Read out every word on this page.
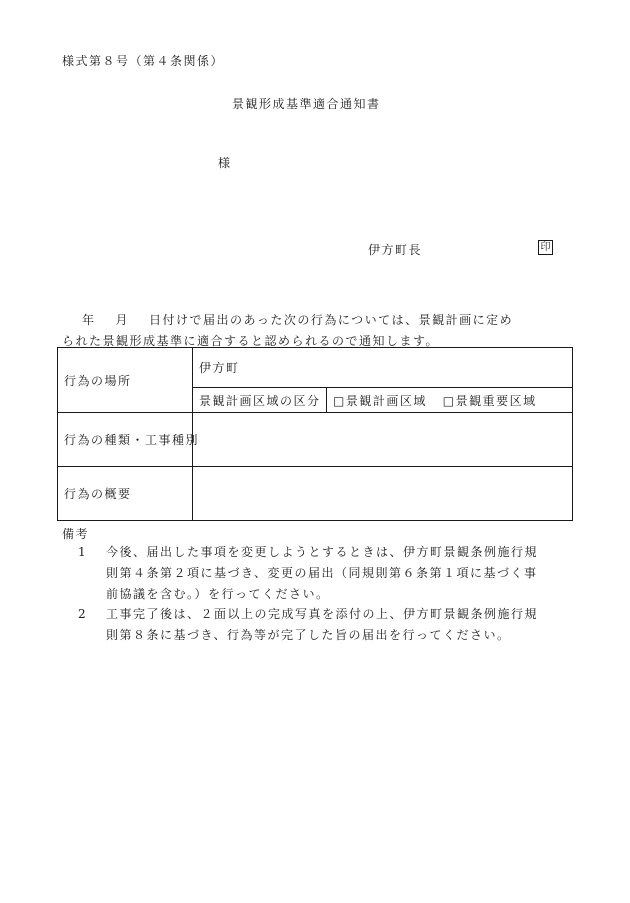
様式第８号（第４条関係）
景観形成基準適合通知書
様
伊方町長	印
年 月 日付けで届出のあった次の行為については、景観計画に定め
られた景観形成基準に適合すると認められるので通知します。
行為の場所	伊方町	
	景観計画区域の区分	□景観計画区域 □景観重要区域
行為の種類・工事種別		
行為の概要		
備考
1 今後、届出した事項を変更しようとするときは、伊方町景観条例施行規
則第４条第２項に基づき、変更の届出（同規則第６条第１項に基づく事
前協議を含む。）を行ってください。
2 工事完了後は、２面以上の完成写真を添付の上、伊方町景観条例施行規
則第８条に基づき、行為等が完了した旨の届出を行ってください。
